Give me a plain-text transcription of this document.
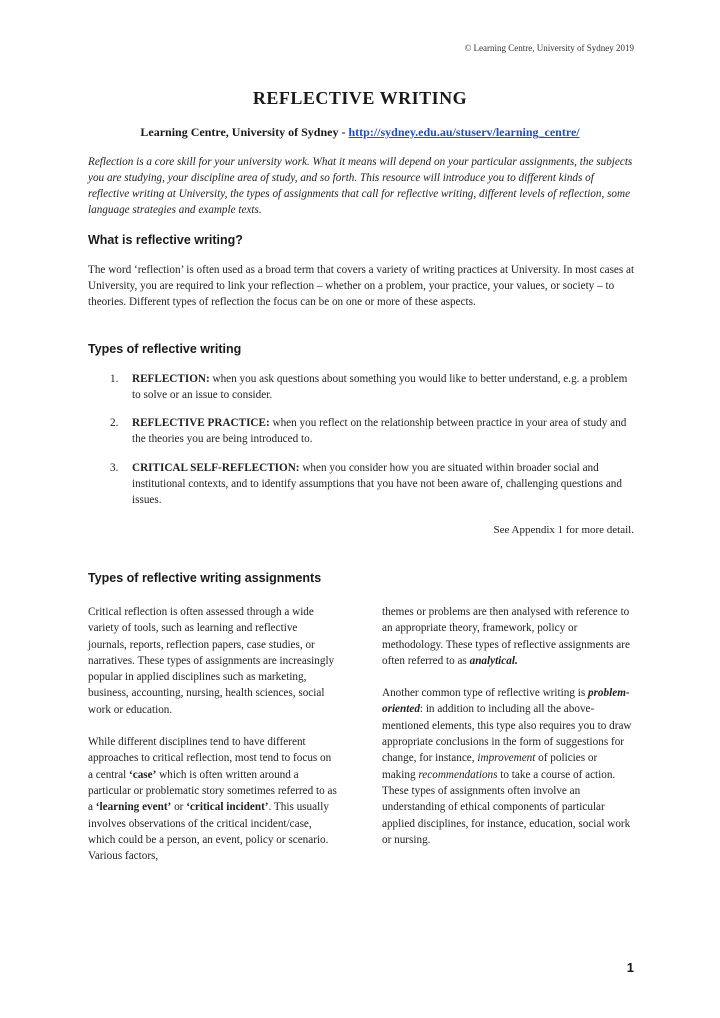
© Learning Centre, University of Sydney 2019
REFLECTIVE WRITING
Learning Centre, University of Sydney - http://sydney.edu.au/stuserv/learning_centre/
Reflection is a core skill for your university work. What it means will depend on your particular assignments, the subjects you are studying, your discipline area of study, and so forth. This resource will introduce you to different kinds of reflective writing at University, the types of assignments that call for reflective writing, different levels of reflection, some language strategies and example texts.
What is reflective writing?
The word ‘reflection’ is often used as a broad term that covers a variety of writing practices at University. In most cases at University, you are required to link your reflection – whether on a problem, your practice, your values, or society – to theories. Different types of reflection the focus can be on one or more of these aspects.
Types of reflective writing
1.	REFLECTION: when you ask questions about something you would like to better understand, e.g. a problem to solve or an issue to consider.
2.	REFLECTIVE PRACTICE: when you reflect on the relationship between practice in your area of study and the theories you are being introduced to.
3.	CRITICAL SELF-REFLECTION: when you consider how you are situated within broader social and institutional contexts, and to identify assumptions that you have not been aware of, challenging questions and issues.
See Appendix 1 for more detail.
Types of reflective writing assignments

Critical reflection is often assessed through a wide variety of tools, such as learning and reflective journals, reports, reflection papers, case studies, or narratives. These types of assignments are increasingly popular in applied disciplines such as marketing, business, accounting, nursing, health sciences, social work or education.

While different disciplines tend to have different approaches to critical reflection, most tend to focus on a central ‘case’ which is often written around a particular or problematic story sometimes referred to as a ‘learning event’ or ‘critical incident’. This usually involves observations of the critical incident/case, which could be a person, an event, policy or scenario. Various factors,

themes or problems are then analysed with reference to an appropriate theory, framework, policy or methodology. These types of reflective assignments are often referred to as analytical.

Another common type of reflective writing is problem-oriented: in addition to including all the above-mentioned elements, this type also requires you to draw appropriate conclusions in the form of suggestions for change, for instance, improvement of policies or making recommendations to take a course of action. These types of assignments often involve an understanding of ethical components of particular applied disciplines, for instance, education, social work or nursing.

1
